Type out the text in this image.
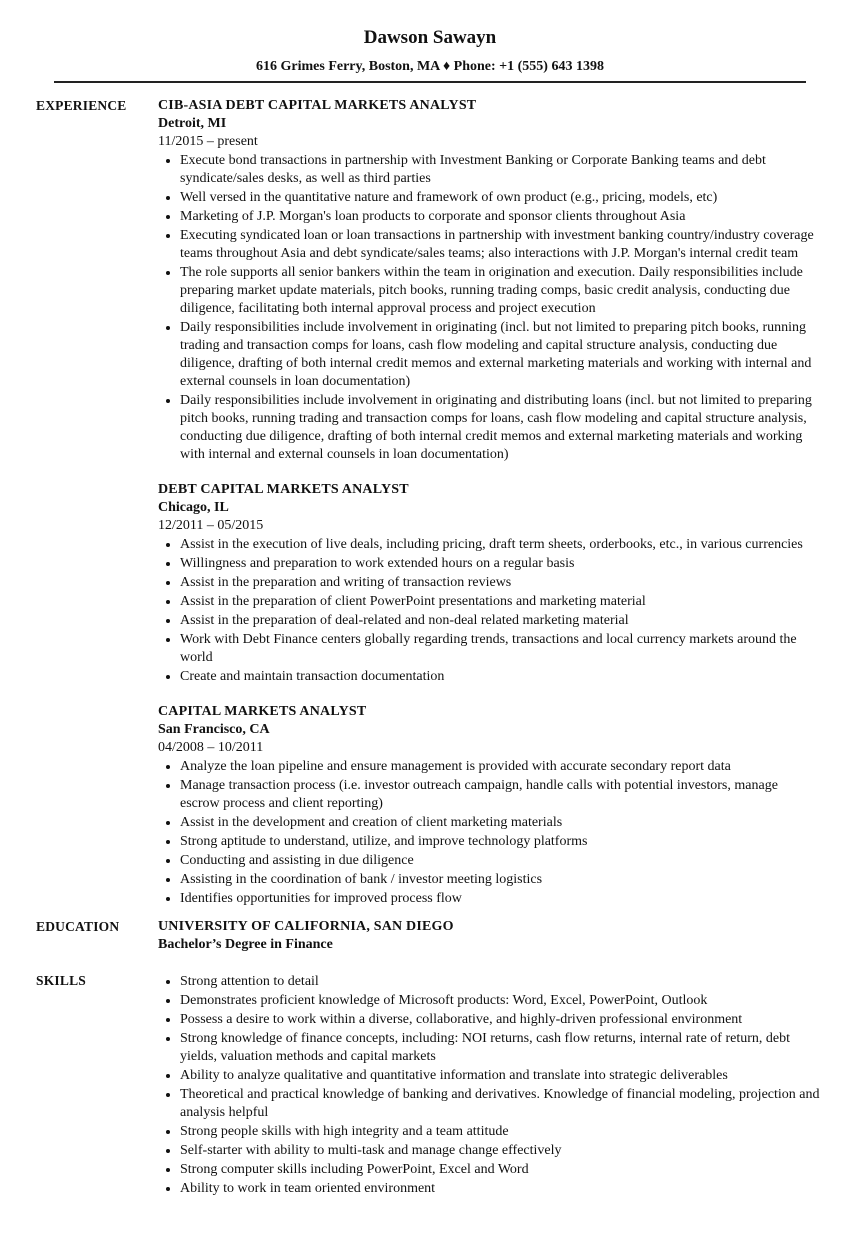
Dawson Sawayn
616 Grimes Ferry, Boston, MA ♦ Phone: +1 (555) 643 1398
EXPERIENCE CIB-ASIA DEBT CAPITAL MARKETS ANALYST
Detroit, MI
11/2015 – present
• Execute bond transactions in partnership with Investment Banking or Corporate Banking teams and debt syndicate/sales desks, as well as third parties
• Well versed in the quantitative nature and framework of own product (e.g., pricing, models, etc)
• Marketing of J.P. Morgan's loan products to corporate and sponsor clients throughout Asia
• Executing syndicated loan or loan transactions in partnership with investment banking country/industry coverage teams throughout Asia and debt syndicate/sales teams; also interactions with J.P. Morgan's internal credit team
• The role supports all senior bankers within the team in origination and execution. Daily responsibilities include preparing market update materials, pitch books, running trading comps, basic credit analysis, conducting due diligence, facilitating both internal approval process and project execution
• Daily responsibilities include involvement in originating (incl. but not limited to preparing pitch books, running trading and transaction comps for loans, cash flow modeling and capital structure analysis, conducting due diligence, drafting of both internal credit memos and external marketing materials and working with internal and external counsels in loan documentation)
• Daily responsibilities include involvement in originating and distributing loans (incl. but not limited to preparing pitch books, running trading and transaction comps for loans, cash flow modeling and capital structure analysis, conducting due diligence, drafting of both internal credit memos and external marketing materials and working with internal and external counsels in loan documentation)
DEBT CAPITAL MARKETS ANALYST
Chicago, IL
12/2011 – 05/2015
• Assist in the execution of live deals, including pricing, draft term sheets, orderbooks, etc., in various currencies
• Willingness and preparation to work extended hours on a regular basis
• Assist in the preparation and writing of transaction reviews
• Assist in the preparation of client PowerPoint presentations and marketing material
• Assist in the preparation of deal-related and non-deal related marketing material
• Work with Debt Finance centers globally regarding trends, transactions and local currency markets around the world
• Create and maintain transaction documentation
CAPITAL MARKETS ANALYST
San Francisco, CA
04/2008 – 10/2011
• Analyze the loan pipeline and ensure management is provided with accurate secondary report data
• Manage transaction process (i.e. investor outreach campaign, handle calls with potential investors, manage escrow process and client reporting)
• Assist in the development and creation of client marketing materials
• Strong aptitude to understand, utilize, and improve technology platforms
• Conducting and assisting in due diligence
• Assisting in the coordination of bank / investor meeting logistics
• Identifies opportunities for improved process flow
EDUCATION	UNIVERSITY OF CALIFORNIA, SAN DIEGO
Bachelor’s Degree in Finance
SKILLS
•	Strong attention to detail
• Demonstrates proficient knowledge of Microsoft products: Word, Excel, PowerPoint, Outlook
• Possess a desire to work within a diverse, collaborative, and highly-driven professional environment
• Strong knowledge of finance concepts, including: NOI returns, cash flow returns, internal rate of return, debt yields, valuation methods and capital markets
• Ability to analyze qualitative and quantitative information and translate into strategic deliverables
• Theoretical and practical knowledge of banking and derivatives. Knowledge of financial modeling, projection and analysis helpful
• Strong people skills with high integrity and a team attitude
• Self-starter with ability to multi-task and manage change effectively
• Strong computer skills including PowerPoint, Excel and Word
• Ability to work in team oriented environment
